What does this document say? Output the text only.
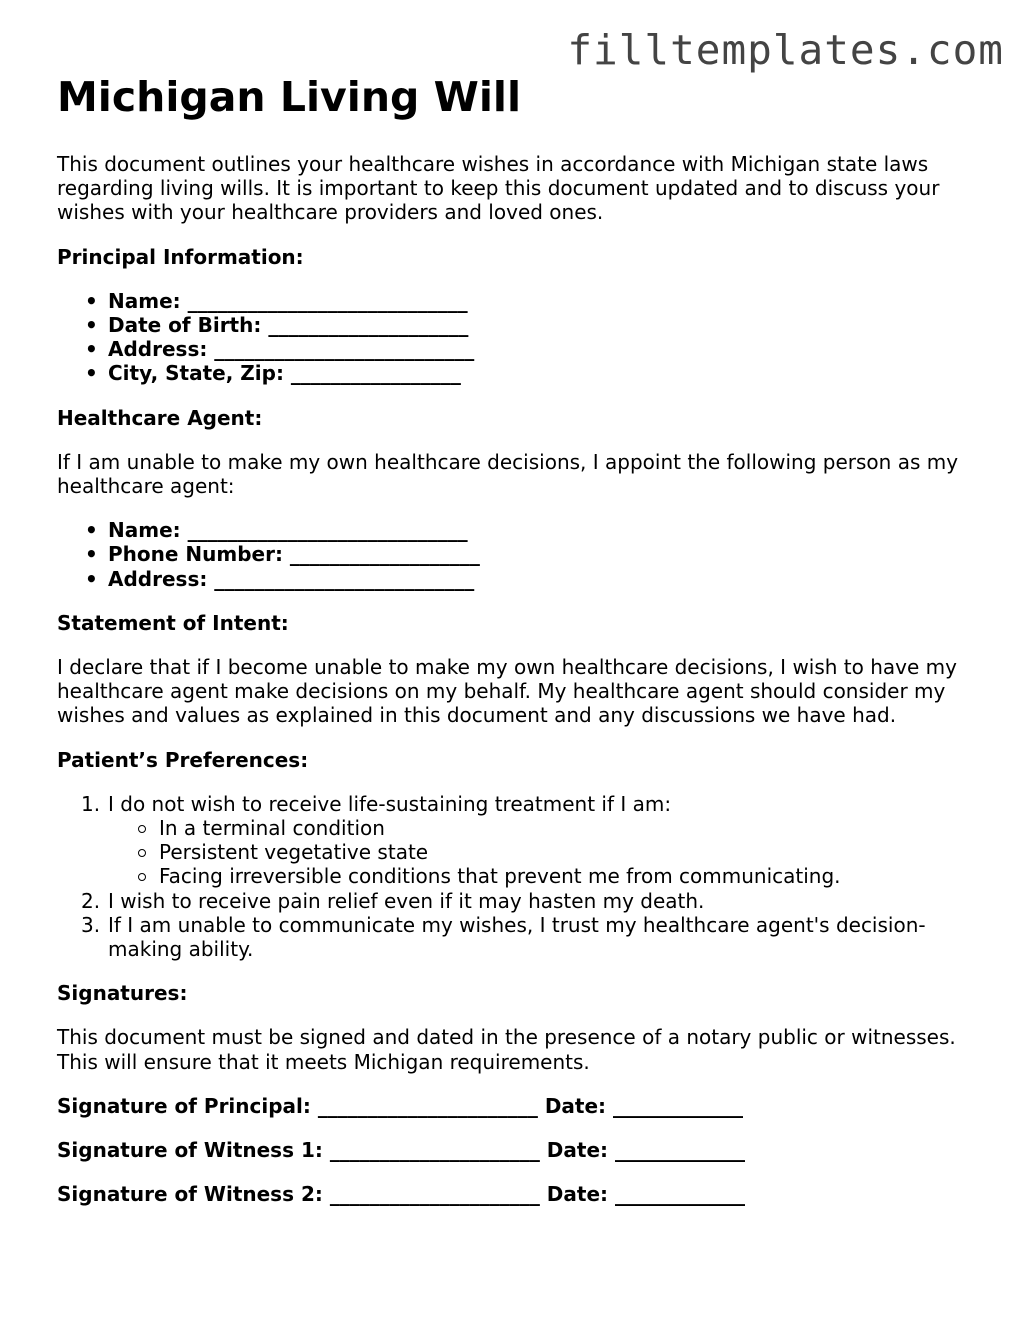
filltemplates.com
Michigan Living Will

This document outlines your healthcare wishes in accordance with Michigan state laws regarding living wills. It is important to keep this document updated and to discuss your wishes with your healthcare providers and loved ones.

Principal Information:

• Name: ____________________________
• Date of Birth: ____________________
• Address: __________________________
• City, State, Zip: _________________

Healthcare Agent:

If I am unable to make my own healthcare decisions, I appoint the following person as my healthcare agent:

• Name: ____________________________
• Phone Number: ___________________
• Address: __________________________

Statement of Intent:

I declare that if I become unable to make my own healthcare decisions, I wish to have my healthcare agent make decisions on my behalf. My healthcare agent should consider my wishes and values as explained in this document and any discussions we have had.

Patient’s Preferences:

I do not wish to receive life-sustaining treatment if I am:
In a terminal condition
Persistent vegetative state
Facing irreversible conditions that prevent me from communicating.
I wish to receive pain relief even if it may hasten my death.
If I am unable to communicate my wishes, I trust my healthcare agent's decision-making ability.

Signatures:

This document must be signed and dated in the presence of a notary public or witnesses. This will ensure that it meets Michigan requirements.

Signature of Principal: ______________________ Date: _____________
Signature of Witness 1: _____________________ Date: _____________
Signature of Witness 2: _____________________ Date: _____________
